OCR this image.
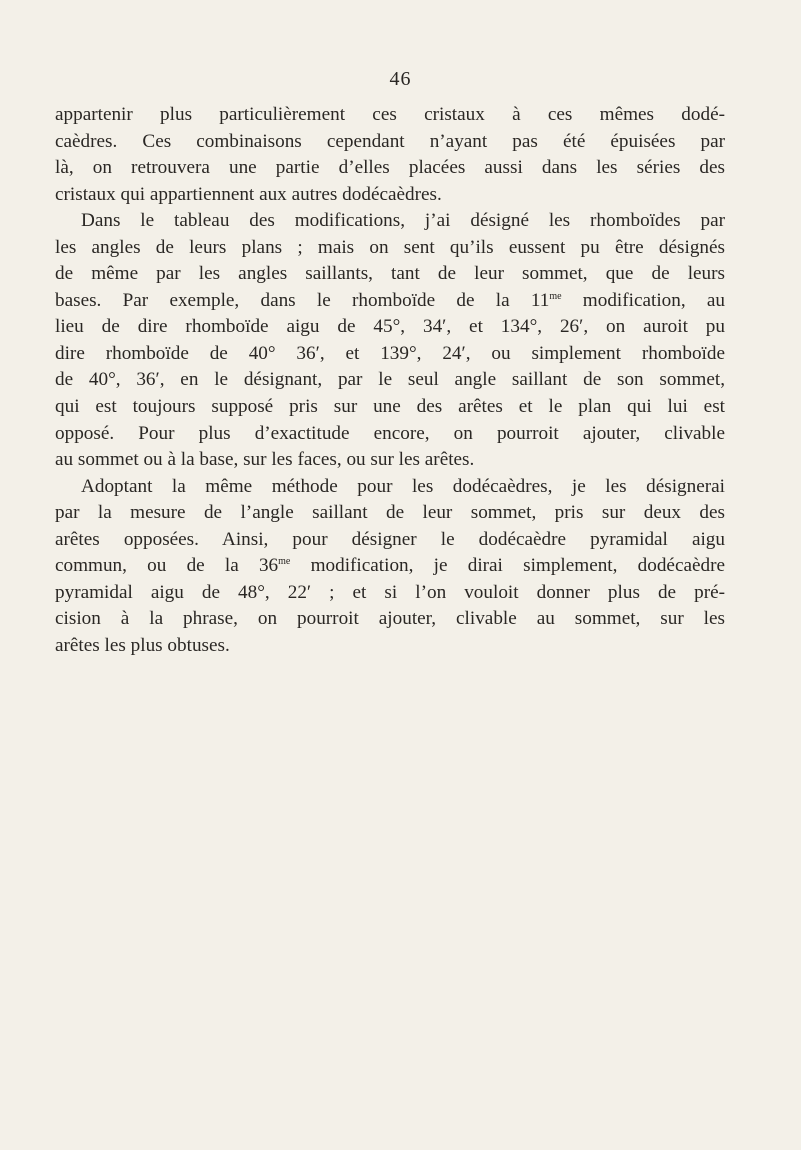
46
appartenir plus particulièrement ces cristaux à ces mêmes dodé-
caèdres. Ces combinaisons cependant n’ayant pas été épuisées par
là, on retrouvera une partie d’elles placées aussi dans les séries des
cristaux qui appartiennent aux autres dodécaèdres.
Dans le tableau des modifications, j’ai désigné les rhomboïdes par
les angles de leurs plans ; mais on sent qu’ils eussent pu être désignés
de même par les angles saillants, tant de leur sommet, que de leurs
bases. Par exemple, dans le rhomboïde de la $11^{me}$ modification, au
lieu de dire rhomboïde aigu de 45°, 34′, et 134°, 26′, on auroit pu
dire rhomboïde de 40° 36′, et 139°, 24′, ou simplement rhomboïde
de 40°, 36′, en le désignant, par le seul angle saillant de son sommet,
qui est toujours supposé pris sur une des arêtes et le plan qui lui est
opposé. Pour plus d’exactitude encore, on pourroit ajouter, clivable
au sommet ou à la base, sur les faces, ou sur les arêtes.
Adoptant la même méthode pour les dodécaèdres, je les désignerai
par la mesure de l’angle saillant de leur sommet, pris sur deux des
arêtes opposées. Ainsi, pour désigner le dodécaèdre pyramidal aigu
commun, ou de la $36^{me}$ modification, je dirai simplement, dodécaèdre
pyramidal aigu de 48°, 22′ ; et si l’on vouloit donner plus de pré-
cision à la phrase, on pourroit ajouter, clivable au sommet, sur les
arêtes les plus obtuses.
